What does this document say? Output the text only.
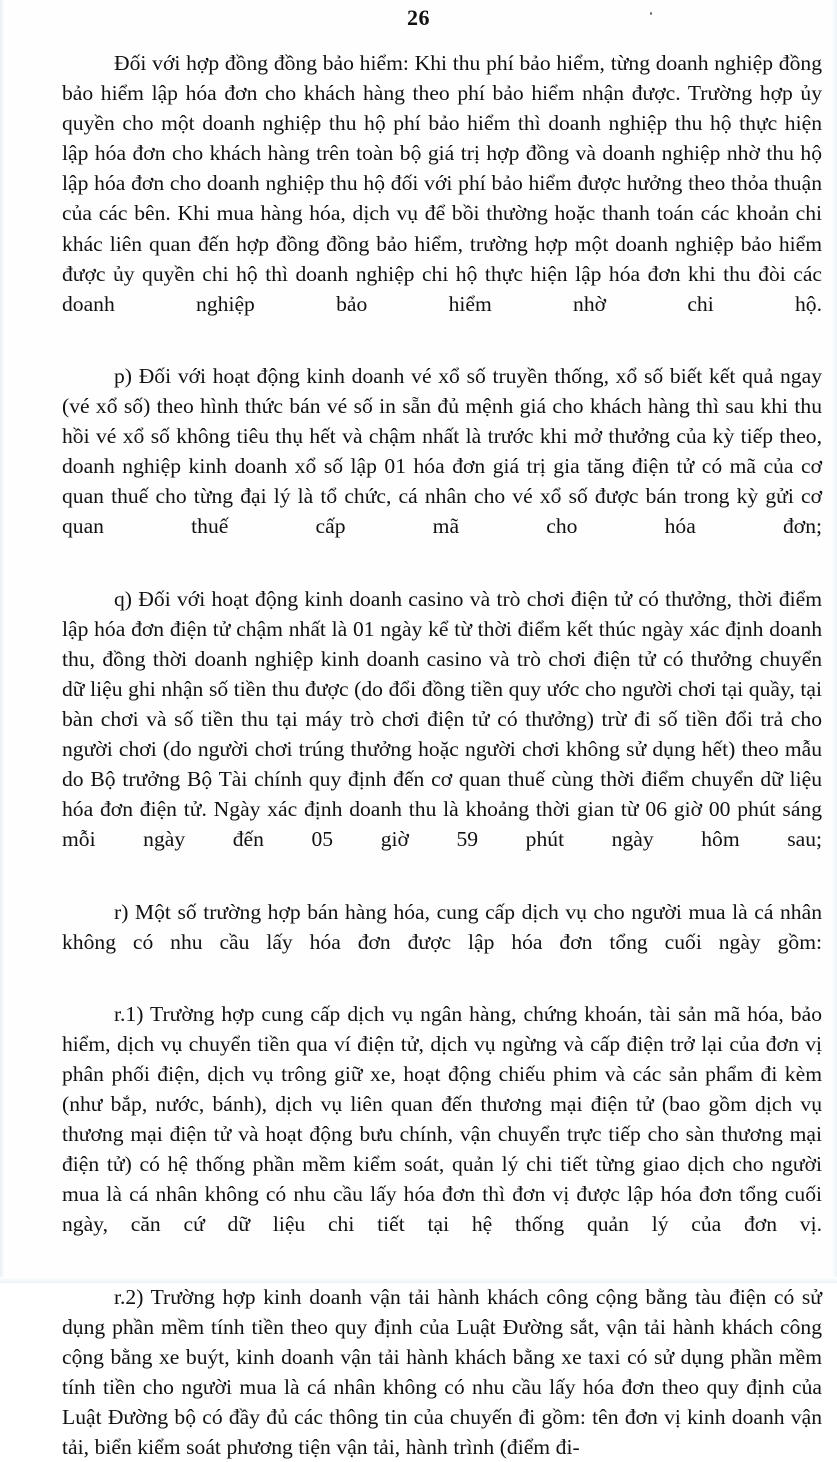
26

Đối với hợp đồng đồng bảo hiểm: Khi thu phí bảo hiểm, từng doanh nghiệp đồng bảo hiểm lập hóa đơn cho khách hàng theo phí bảo hiểm nhận được. Trường hợp ủy quyền cho một doanh nghiệp thu hộ phí bảo hiểm thì doanh nghiệp thu hộ thực hiện lập hóa đơn cho khách hàng trên toàn bộ giá trị hợp đồng và doanh nghiệp nhờ thu hộ lập hóa đơn cho doanh nghiệp thu hộ đối với phí bảo hiểm được hưởng theo thỏa thuận của các bên. Khi mua hàng hóa, dịch vụ để bồi thường hoặc thanh toán các khoản chi khác liên quan đến hợp đồng đồng bảo hiểm, trường hợp một doanh nghiệp bảo hiểm được ủy quyền chi hộ thì doanh nghiệp chi hộ thực hiện lập hóa đơn khi thu đòi các doanh nghiệp bảo hiểm nhờ chi hộ.

p) Đối với hoạt động kinh doanh vé xổ số truyền thống, xổ số biết kết quả ngay (vé xổ số) theo hình thức bán vé số in sẵn đủ mệnh giá cho khách hàng thì sau khi thu hồi vé xổ số không tiêu thụ hết và chậm nhất là trước khi mở thưởng của kỳ tiếp theo, doanh nghiệp kinh doanh xổ số lập 01 hóa đơn giá trị gia tăng điện tử có mã của cơ quan thuế cho từng đại lý là tổ chức, cá nhân cho vé xổ số được bán trong kỳ gửi cơ quan thuế cấp mã cho hóa đơn;

q) Đối với hoạt động kinh doanh casino và trò chơi điện tử có thưởng, thời điểm lập hóa đơn điện tử chậm nhất là 01 ngày kể từ thời điểm kết thúc ngày xác định doanh thu, đồng thời doanh nghiệp kinh doanh casino và trò chơi điện tử có thưởng chuyển dữ liệu ghi nhận số tiền thu được (do đổi đồng tiền quy ước cho người chơi tại quầy, tại bàn chơi và số tiền thu tại máy trò chơi điện tử có thưởng) trừ đi số tiền đổi trả cho người chơi (do người chơi trúng thưởng hoặc người chơi không sử dụng hết) theo mẫu do Bộ trưởng Bộ Tài chính quy định đến cơ quan thuế cùng thời điểm chuyển dữ liệu hóa đơn điện tử. Ngày xác định doanh thu là khoảng thời gian từ 06 giờ 00 phút sáng mỗi ngày đến 05 giờ 59 phút ngày hôm sau;

r) Một số trường hợp bán hàng hóa, cung cấp dịch vụ cho người mua là cá nhân không có nhu cầu lấy hóa đơn được lập hóa đơn tổng cuối ngày gồm:

r.1) Trường hợp cung cấp dịch vụ ngân hàng, chứng khoán, tài sản mã hóa, bảo hiểm, dịch vụ chuyển tiền qua ví điện tử, dịch vụ ngừng và cấp điện trở lại của đơn vị phân phối điện, dịch vụ trông giữ xe, hoạt động chiếu phim và các sản phẩm đi kèm (như bắp, nước, bánh), dịch vụ liên quan đến thương mại điện tử (bao gồm dịch vụ thương mại điện tử và hoạt động bưu chính, vận chuyển trực tiếp cho sàn thương mại điện tử) có hệ thống phần mềm kiểm soát, quản lý chi tiết từng giao dịch cho người mua là cá nhân không có nhu cầu lấy hóa đơn thì đơn vị được lập hóa đơn tổng cuối ngày, căn cứ dữ liệu chi tiết tại hệ thống quản lý của đơn vị.

r.2) Trường hợp kinh doanh vận tải hành khách công cộng bằng tàu điện có sử dụng phần mềm tính tiền theo quy định của Luật Đường sắt, vận tải hành khách công cộng bằng xe buýt, kinh doanh vận tải hành khách bằng xe taxi có sử dụng phần mềm tính tiền cho người mua là cá nhân không có nhu cầu lấy hóa đơn theo quy định của Luật Đường bộ có đầy đủ các thông tin của chuyến đi gồm: tên đơn vị kinh doanh vận tải, biển kiểm soát phương tiện vận tải, hành trình (điểm đi-
